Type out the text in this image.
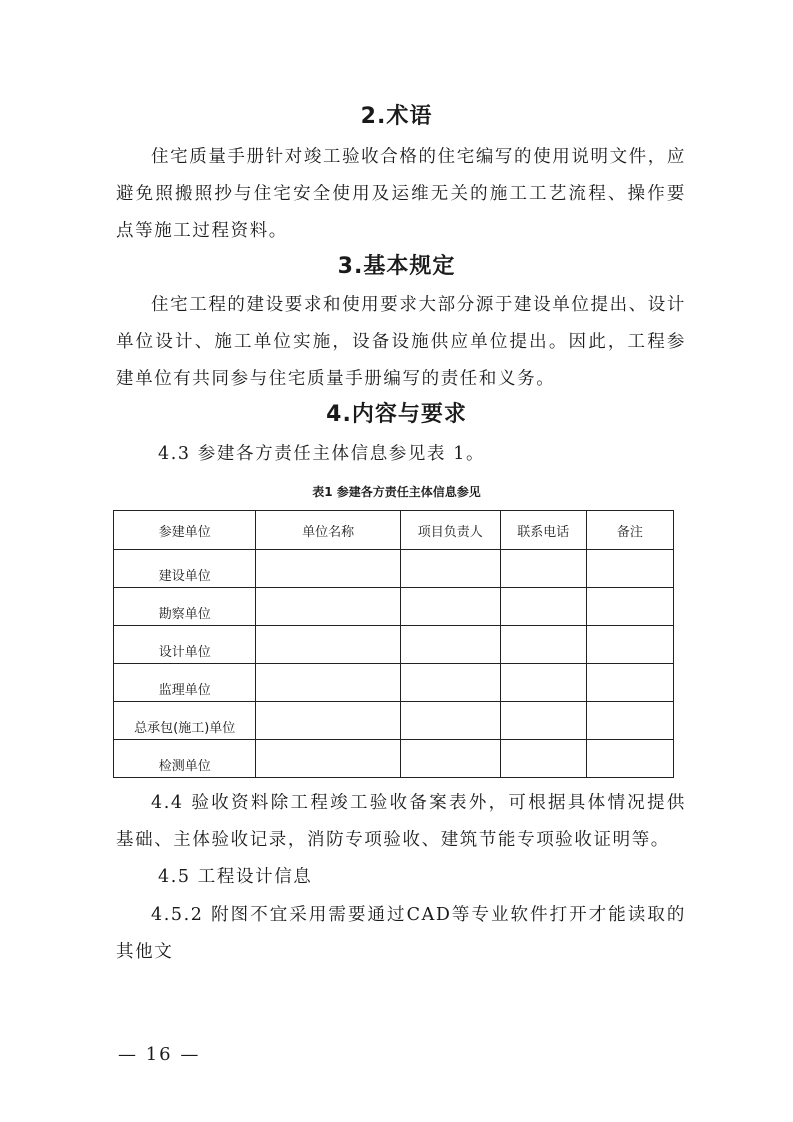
2.术语

住宅质量手册针对竣工验收合格的住宅编写的使用说明文件，应避免照搬照抄与住宅安全使用及运维无关的施工工艺流程、操作要点等施工过程资料。

3.基本规定

住宅工程的建设要求和使用要求大部分源于建设单位提出、设计单位设计、施工单位实施，设备设施供应单位提出。因此，工程参建单位有共同参与住宅质量手册编写的责任和义务。

4.内容与要求
4.3 参建各方责任主体信息参见表 1。
表1 参建各方责任主体信息参见
参建单位	单位名称	项目负责人	联系电话	备注
建设单位				
勘察单位				
设计单位				
监理单位				
总承包(施工)单位				
检测单位				

4.4 验收资料除工程竣工验收备案表外，可根据具体情况提供基础、主体验收记录，消防专项验收、建筑节能专项验收证明等。

4.5 工程设计信息

4.5.2 附图不宜采用需要通过CAD等专业软件打开才能读取的其他文

— 16 —
